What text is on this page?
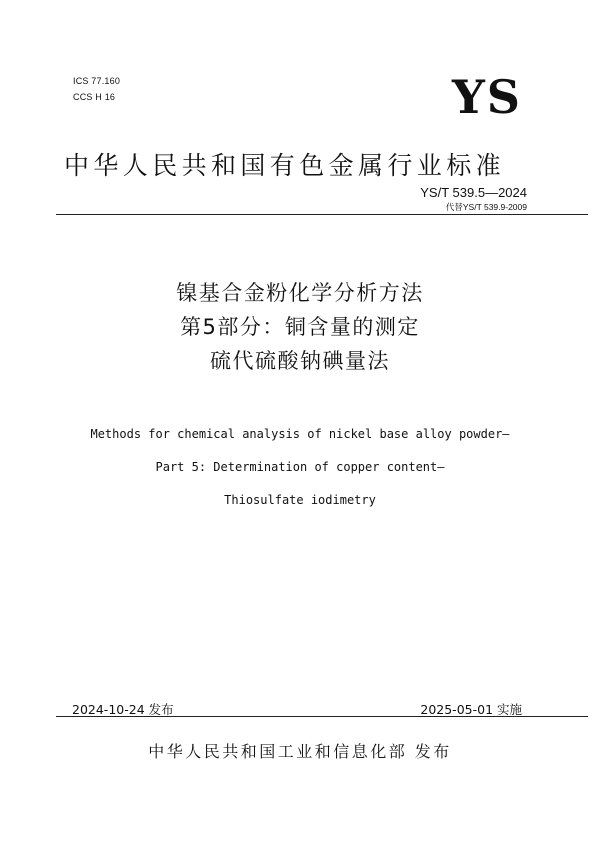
ICS 77.160
CCS H 16	YS
中华人民共和国有色金属行业标准
YS/T 539.5—2024
代替YS/T 539.9-2009
镍基合金粉化学分析方法
第5部分：铜含量的测定
硫代硫酸钠碘量法
Methods for chemical analysis of nickel base alloy powder—
Part 5: Determination of copper content—
Thiosulfate iodimetry
2024-10-24 发布	2025-05-01 实施
中华人民共和国工业和信息化部 发布
